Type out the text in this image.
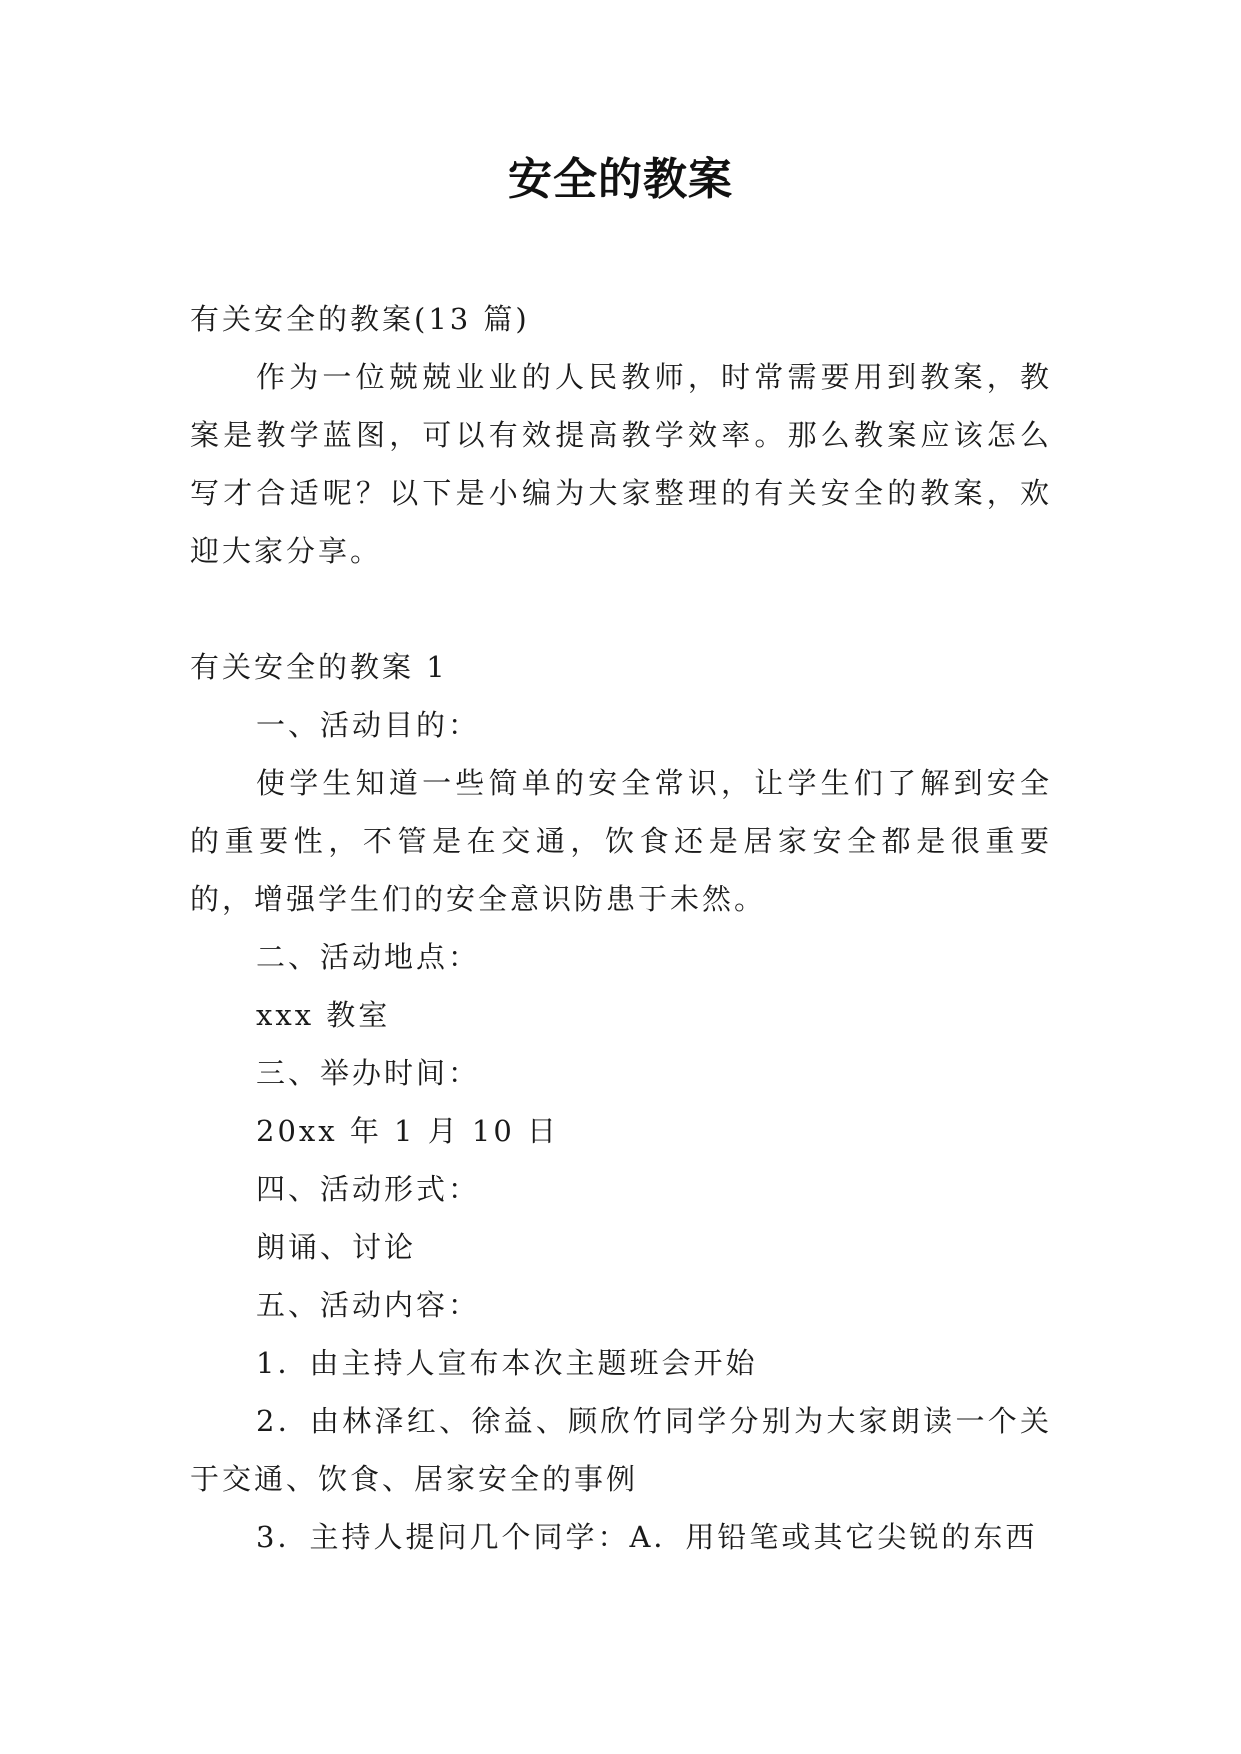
安全的教案

有关安全的教案(13 篇)

作为一位兢兢业业的人民教师，时常需要用到教案，教案是教学蓝图，可以有效提高教学效率。那么教案应该怎么写才合适呢？以下是小编为大家整理的有关安全的教案，欢迎大家分享。

有关安全的教案 1

一、活动目的：

使学生知道一些简单的安全常识，让学生们了解到安全的重要性，不管是在交通，饮食还是居家安全都是很重要的，增强学生们的安全意识防患于未然。

二、活动地点：

xxx 教室

三、举办时间：

20xx 年 1 月 10 日

四、活动形式：

朗诵、讨论

五、活动内容：

1．由主持人宣布本次主题班会开始

2．由林泽红、徐益、顾欣竹同学分别为大家朗读一个关于交通、饮食、居家安全的事例

3．主持人提问几个同学：A．用铅笔或其它尖锐的东西
